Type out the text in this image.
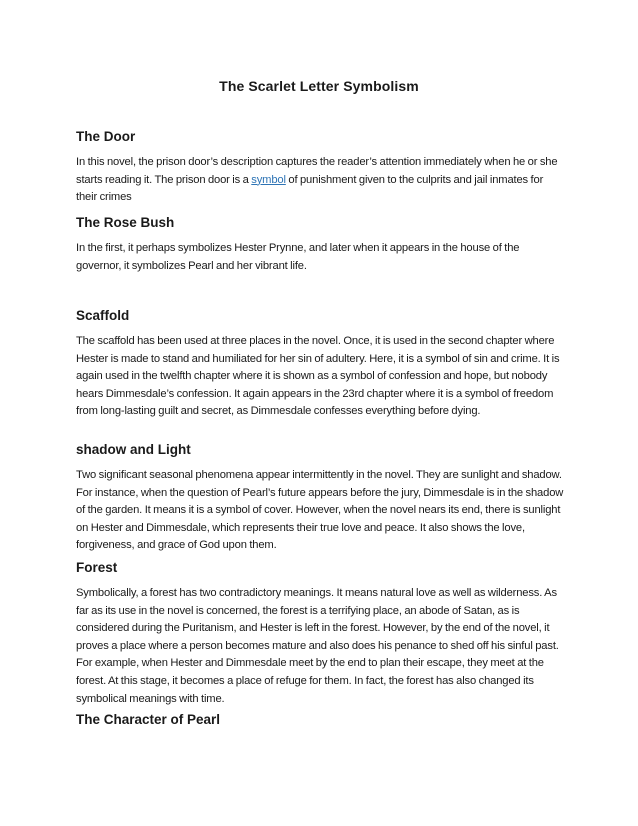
The Scarlet Letter Symbolism
The Door

In this novel, the prison door’s description captures the reader’s attention immediately when he or she starts reading it. The prison door is a symbol of punishment given to the culprits and jail inmates for their crimes

The Rose Bush

In the first, it perhaps symbolizes Hester Prynne, and later when it appears in the house of the governor, it symbolizes Pearl and her vibrant life.

Scaffold

The scaffold has been used at three places in the novel. Once, it is used in the second chapter where Hester is made to stand and humiliated for her sin of adultery. Here, it is a symbol of sin and crime. It is again used in the twelfth chapter where it is shown as a symbol of confession and hope, but nobody hears Dimmesdale’s confession. It again appears in the 23rd chapter where it is a symbol of freedom from long-lasting guilt and secret, as Dimmesdale confesses everything before dying.

shadow and Light

Two significant seasonal phenomena appear intermittently in the novel. They are sunlight and shadow. For instance, when the question of Pearl’s future appears before the jury, Dimmesdale is in the shadow of the garden. It means it is a symbol of cover. However, when the novel nears its end, there is sunlight on Hester and Dimmesdale, which represents their true love and peace. It also shows the love, forgiveness, and grace of God upon them.

Forest

Symbolically, a forest has two contradictory meanings. It means natural love as well as wilderness. As far as its use in the novel is concerned, the forest is a terrifying place, an abode of Satan, as is considered during the Puritanism, and Hester is left in the forest. However, by the end of the novel, it proves a place where a person becomes mature and also does his penance to shed off his sinful past. For example, when Hester and Dimmesdale meet by the end to plan their escape, they meet at the forest. At this stage, it becomes a place of refuge for them. In fact, the forest has also changed its symbolical meanings with time.

The Character of Pearl
